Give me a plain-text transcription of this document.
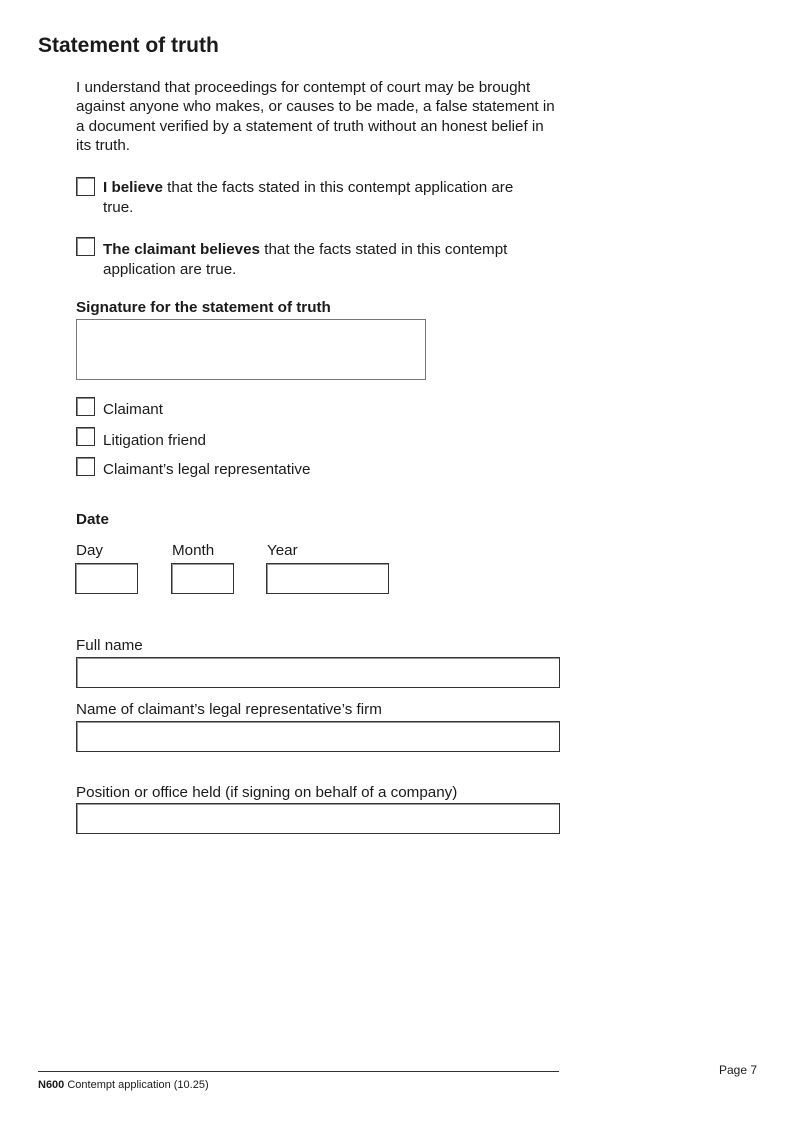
Statement of truth
I understand that proceedings for contempt of court may be brought against anyone who makes, or causes to be made, a false statement in a document verified by a statement of truth without an honest belief in its truth.
I believe that the facts stated in this contempt application are true.
The claimant believes that the facts stated in this contempt application are true.
Signature for the statement of truth
Claimant
Litigation friend
Claimant’s legal representative
Date
Day	Month	Year
Full name
Name of claimant’s legal representative’s firm
Position or office held (if signing on behalf of a company)
Page 7
N600 Contempt application (10.25)
